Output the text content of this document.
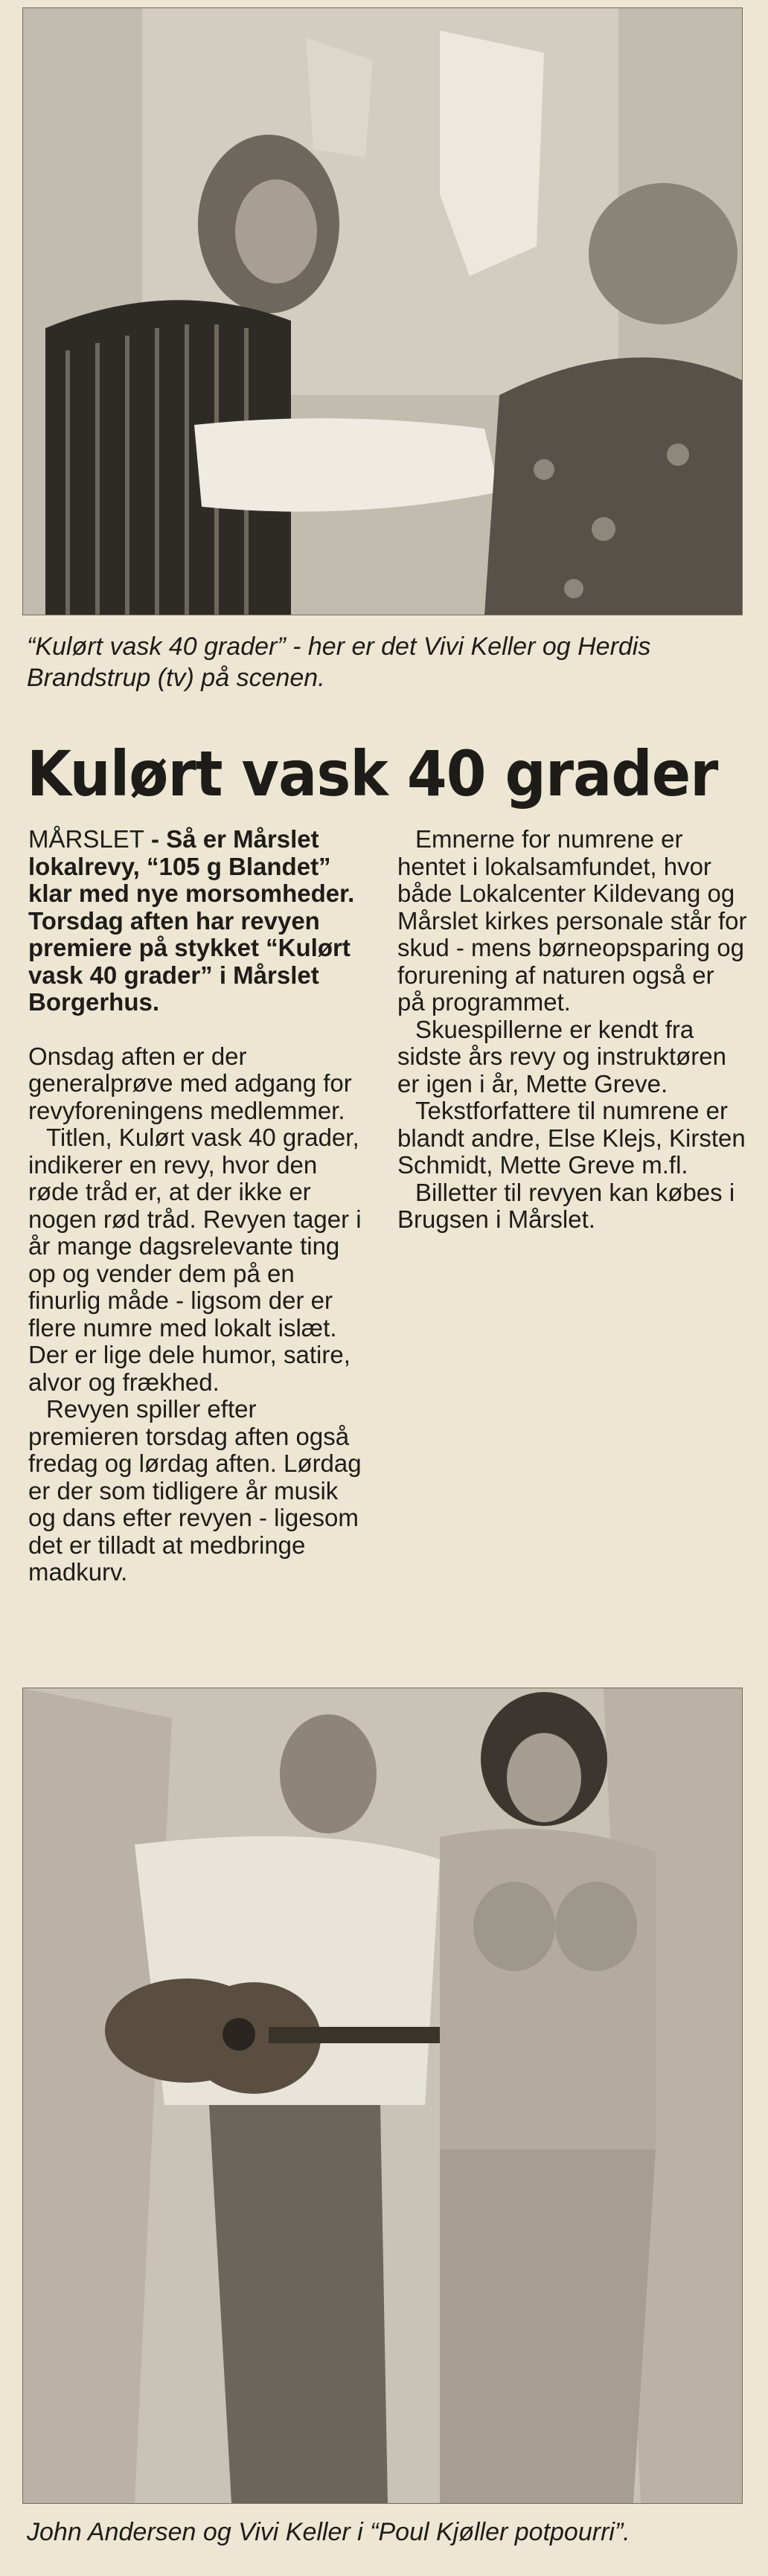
“Kulørt vask 40 grader” - her er det Vivi Keller og Herdis Brandstrup (tv) på scenen.
Kulørt vask 40 grader

MÅRSLET - Så er Mårslet lokalrevy, “105 g Blandet” klar med nye morsomheder. Torsdag aften har revyen premiere på stykket “Kulørt vask 40 grader” i Mårslet Borgerhus.

Onsdag aften er der generalprøve med adgang for revyforeningens medlemmer.

Titlen, Kulørt vask 40 grader, indikerer en revy, hvor den røde tråd er, at der ikke er nogen rød tråd. Revyen tager i år mange dagsrelevante ting op og vender dem på en finurlig måde - ligsom der er flere numre med lokalt islæt. Der er lige dele humor, satire, alvor og frækhed.

Revyen spiller efter premieren torsdag aften også fredag og lørdag aften. Lørdag er der som tidligere år musik og dans efter revyen - ligesom det er tilladt at medbringe madkurv.

Emnerne for numrene er hentet i lokalsamfundet, hvor både Lokalcenter Kildevang og Mårslet kirkes personale står for skud - mens børneopsparing og forurening af naturen også er på programmet.

Skuespillerne er kendt fra sidste års revy og instruktøren er igen i år, Mette Greve.

Tekstforfattere til numrene er blandt andre, Else Klejs, Kirsten Schmidt, Mette Greve m.fl.

Billetter til revyen kan købes i Brugsen i Mårslet.

John Andersen og Vivi Keller i “Poul Kjøller potpourri”.
